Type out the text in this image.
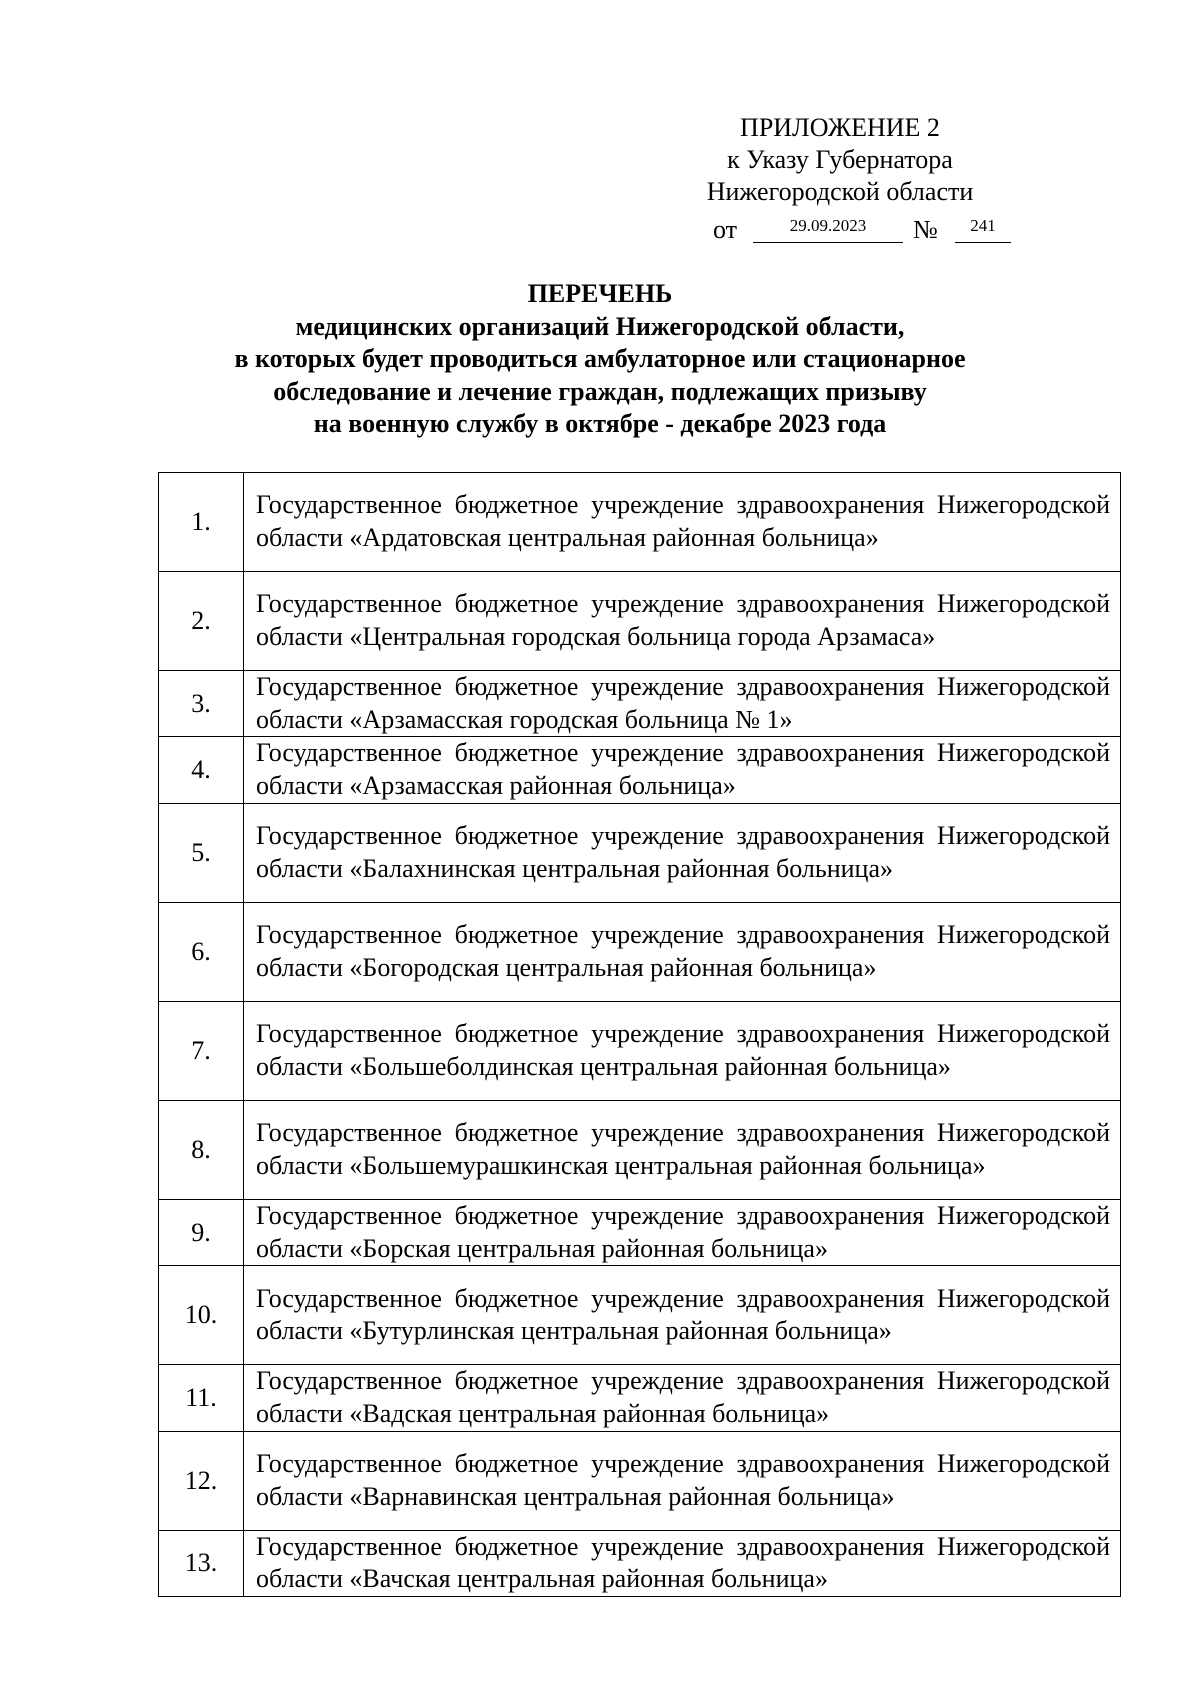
ПРИЛОЖЕНИЕ 2
к Указу Губернатора
Нижегородской области
от	29.09.2023	№	241
ПЕРЕЧЕНЬ
медицинских организаций Нижегородской области,
в которых будет проводиться амбулаторное или стационарное
обследование и лечение граждан, подлежащих призыву
на военную службу в октябре - декабре 2023 года
1.	Государственное бюджетное учреждение здравоохранения Нижегородской области «Ардатовская центральная районная больница»
2.	Государственное бюджетное учреждение здравоохранения Нижегородской области «Центральная городская больница города Арзамаса»
3.	Государственное бюджетное учреждение здравоохранения Нижегородской области «Арзамасская городская больница № 1»
4.	Государственное бюджетное учреждение здравоохранения Нижегородской области «Арзамасская районная больница»
5.	Государственное бюджетное учреждение здравоохранения Нижегородской области «Балахнинская центральная районная больница»
6.	Государственное бюджетное учреждение здравоохранения Нижегородской области «Богородская центральная районная больница»
7.	Государственное бюджетное учреждение здравоохранения Нижегородской области «Большеболдинская центральная районная больница»
8.	Государственное бюджетное учреждение здравоохранения Нижегородской области «Большемурашкинская центральная районная больница»
9.	Государственное бюджетное учреждение здравоохранения Нижегородской области «Борская центральная районная больница»
10.	Государственное бюджетное учреждение здравоохранения Нижегородской области «Бутурлинская центральная районная больница»
11.	Государственное бюджетное учреждение здравоохранения Нижегородской области «Вадская центральная районная больница»
12.	Государственное бюджетное учреждение здравоохранения Нижегородской области «Варнавинская центральная районная больница»
13.	Государственное бюджетное учреждение здравоохранения Нижегородской области «Вачская центральная районная больница»
